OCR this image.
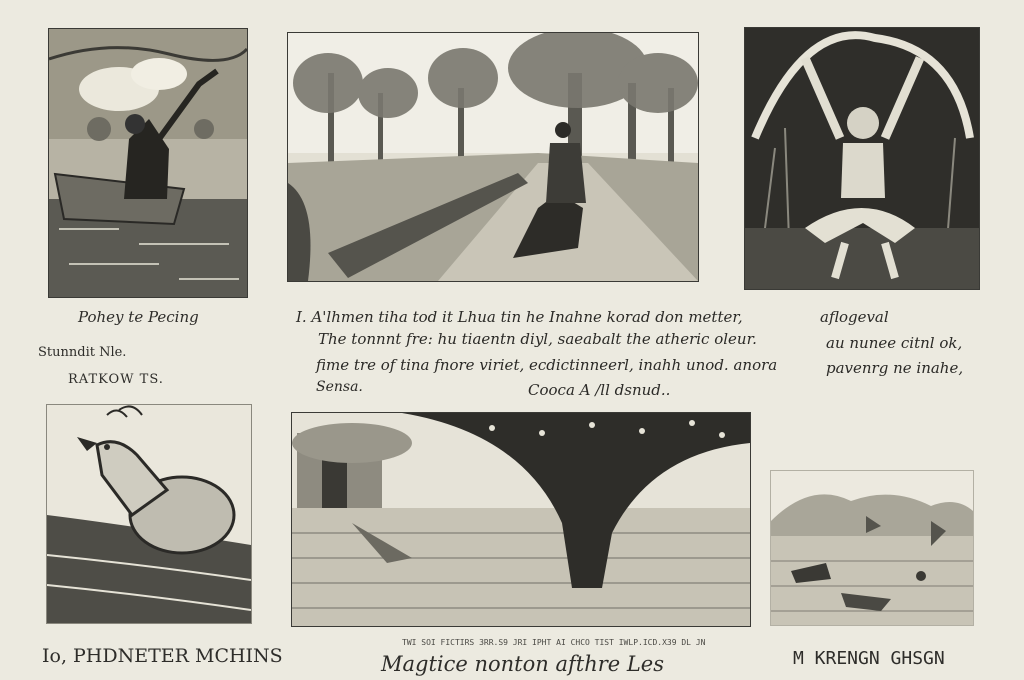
Pohey te Pecing
Stunndit Nle.
RATKOW TS.
I. A'lhmen tiha tod it Lhua tin he Inahne korad don metter,	aflogeval
The tonnnt fre: hu tiaentn diyl, saeabalt the atheric oleur.	au nunee citnl ok,
fime tre of tina fnore viriet, ecdictinneerl, inahh unod. anora	pavenrg ne inahe,
Sensa.	Cooca A /ll dsnud..
TWI SOI FICTIRS 3RR.S9 JRI IPHT AI CHCO TIST IWLP.ICD.X39 DL JN
Io, PHDNETER MCHINS	Magtice nonton afthre Les	M KRENGN GHSGN
